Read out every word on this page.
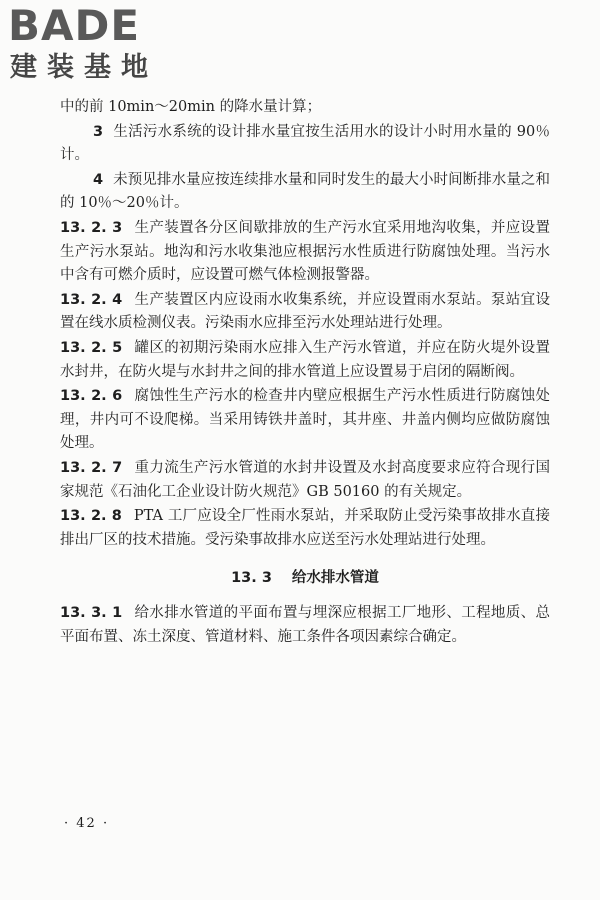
BADE
建装基地

中的前 10min～20min 的降水量计算；

3 生活污水系统的设计排水量宜按生活用水的设计小时用水量的 90％计。

4 未预见排水量应按连续排水量和同时发生的最大小时间断排水量之和的 10％～20％计。

13. 2. 3 生产装置各分区间歇排放的生产污水宜采用地沟收集，并应设置生产污水泵站。地沟和污水收集池应根据污水性质进行防腐蚀处理。当污水中含有可燃介质时，应设置可燃气体检测报警器。

13. 2. 4 生产装置区内应设雨水收集系统，并应设置雨水泵站。泵站宜设置在线水质检测仪表。污染雨水应排至污水处理站进行处理。

13. 2. 5 罐区的初期污染雨水应排入生产污水管道，并应在防火堤外设置水封井，在防火堤与水封井之间的排水管道上应设置易于启闭的隔断阀。

13. 2. 6 腐蚀性生产污水的检查井内壁应根据生产污水性质进行防腐蚀处理，井内可不设爬梯。当采用铸铁井盖时，其井座、井盖内侧均应做防腐蚀处理。

13. 2. 7 重力流生产污水管道的水封井设置及水封高度要求应符合现行国家规范《石油化工企业设计防火规范》GB 50160 的有关规定。

13. 2. 8 PTA 工厂应设全厂性雨水泵站，并采取防止受污染事故排水直接排出厂区的技术措施。受污染事故排水应送至污水处理站进行处理。

13. 3 给水排水管道

13. 3. 1 给水排水管道的平面布置与埋深应根据工厂地形、工程地质、总平面布置、冻土深度、管道材料、施工条件各项因素综合确定。

· 42 ·
